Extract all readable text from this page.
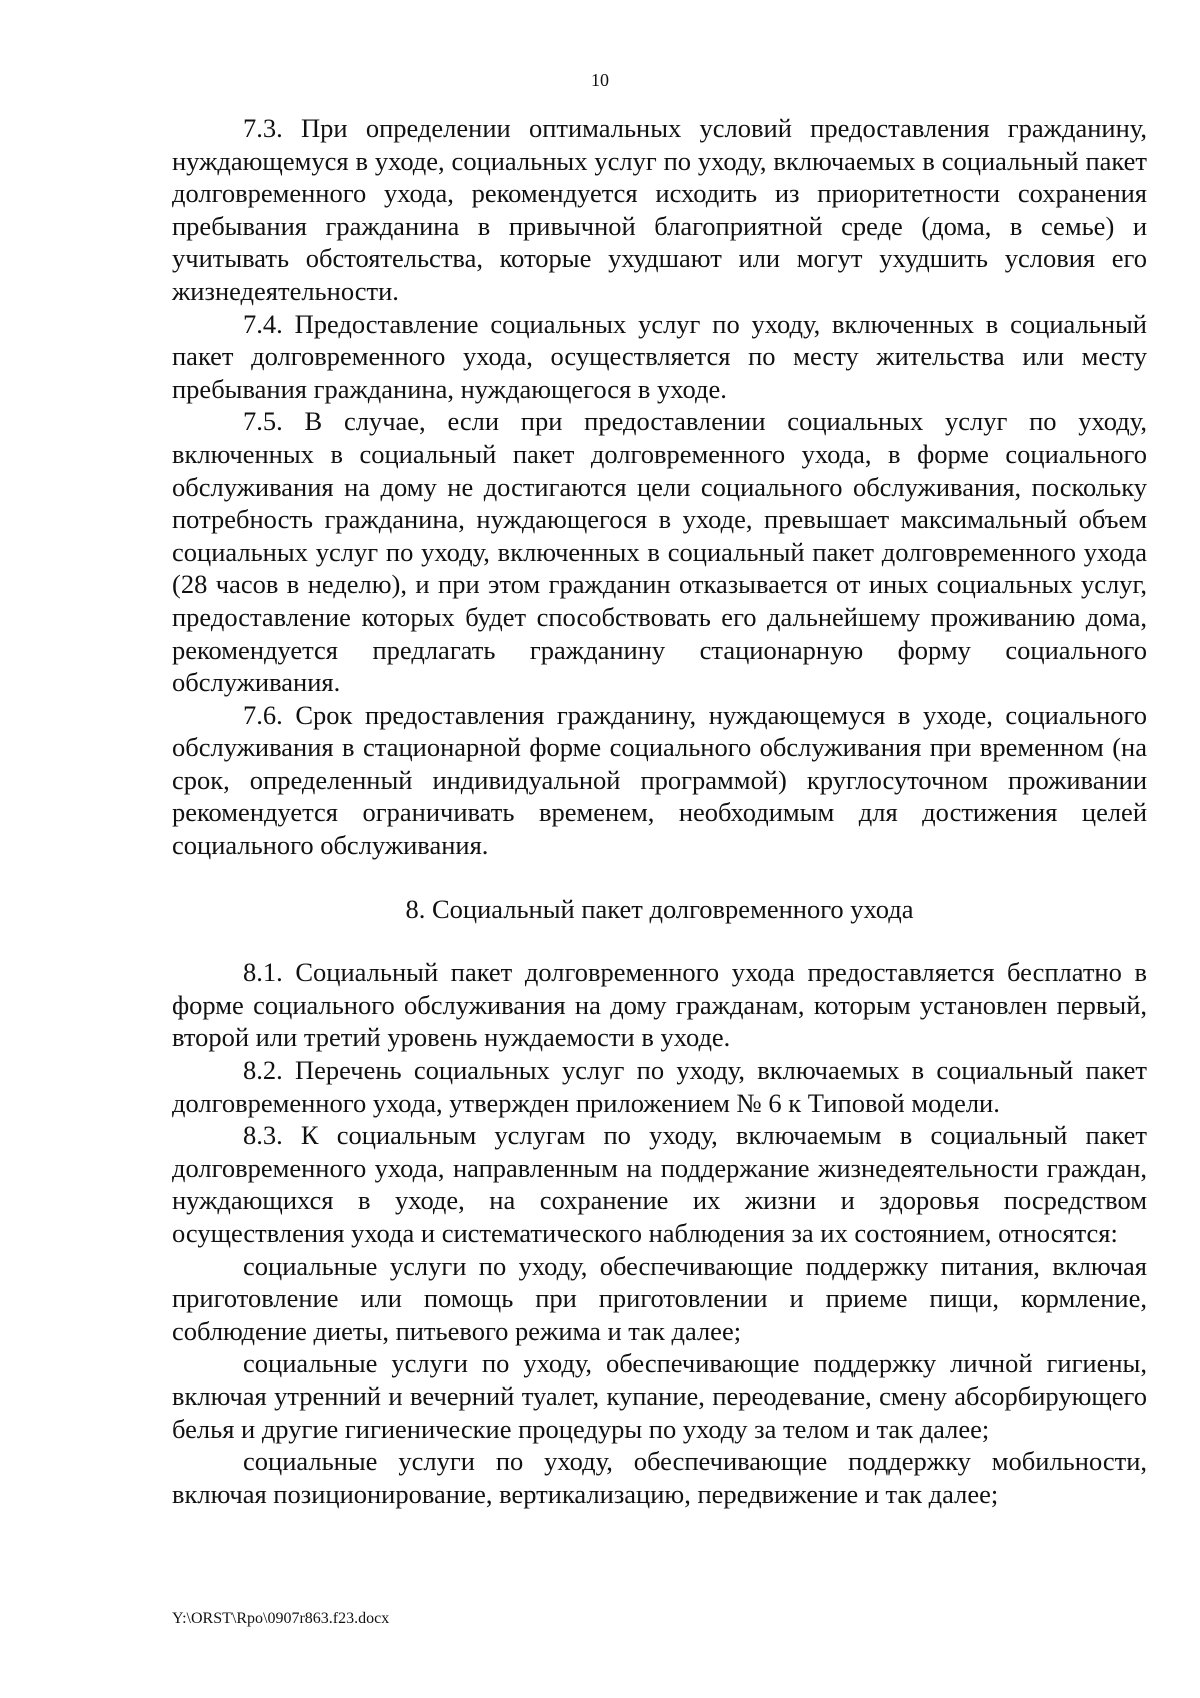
10

7.3. При определении оптимальных условий предоставления гражданину, нуждающемуся в уходе, социальных услуг по уходу, включаемых в социальный пакет долговременного ухода, рекомендуется исходить из приоритетности сохранения пребывания гражданина в привычной благоприятной среде (дома, в семье) и учитывать обстоятельства, которые ухудшают или могут ухудшить условия его жизнедеятельности.

7.4. Предоставление социальных услуг по уходу, включенных в социальный пакет долговременного ухода, осуществляется по месту жительства или месту пребывания гражданина, нуждающегося в уходе.

7.5. В случае, если при предоставлении социальных услуг по уходу, включенных в социальный пакет долговременного ухода, в форме социального обслуживания на дому не достигаются цели социального обслуживания, поскольку потребность гражданина, нуждающегося в уходе, превышает максимальный объем социальных услуг по уходу, включенных в социальный пакет долговременного ухода (28 часов в неделю), и при этом гражданин отказывается от иных социальных услуг, предоставление которых будет способствовать его дальнейшему проживанию дома, рекомендуется предлагать гражданину стационарную форму социального обслуживания.

7.6. Срок предоставления гражданину, нуждающемуся в уходе, социального обслуживания в стационарной форме социального обслуживания при временном (на срок, определенный индивидуальной программой) круглосуточном проживании рекомендуется ограничивать временем, необходимым для достижения целей социального обслуживания.

8. Социальный пакет долговременного ухода

8.1. Социальный пакет долговременного ухода предоставляется бесплатно в форме социального обслуживания на дому гражданам, которым установлен первый, второй или третий уровень нуждаемости в уходе.

8.2. Перечень социальных услуг по уходу, включаемых в социальный пакет долговременного ухода, утвержден приложением № 6 к Типовой модели.

8.3. К социальным услугам по уходу, включаемым в социальный пакет долговременного ухода, направленным на поддержание жизнедеятельности граждан, нуждающихся в уходе, на сохранение их жизни и здоровья посредством осуществления ухода и систематического наблюдения за их состоянием, относятся:

социальные услуги по уходу, обеспечивающие поддержку питания, включая приготовление или помощь при приготовлении и приеме пищи, кормление, соблюдение диеты, питьевого режима и так далее;

социальные услуги по уходу, обеспечивающие поддержку личной гигиены, включая утренний и вечерний туалет, купание, переодевание, смену абсорбирующего белья и другие гигиенические процедуры по уходу за телом и так далее;

социальные услуги по уходу, обеспечивающие поддержку мобильности, включая позиционирование, вертикализацию, передвижение и так далее;

Y:\ORST\Rpo\0907r863.f23.docx
